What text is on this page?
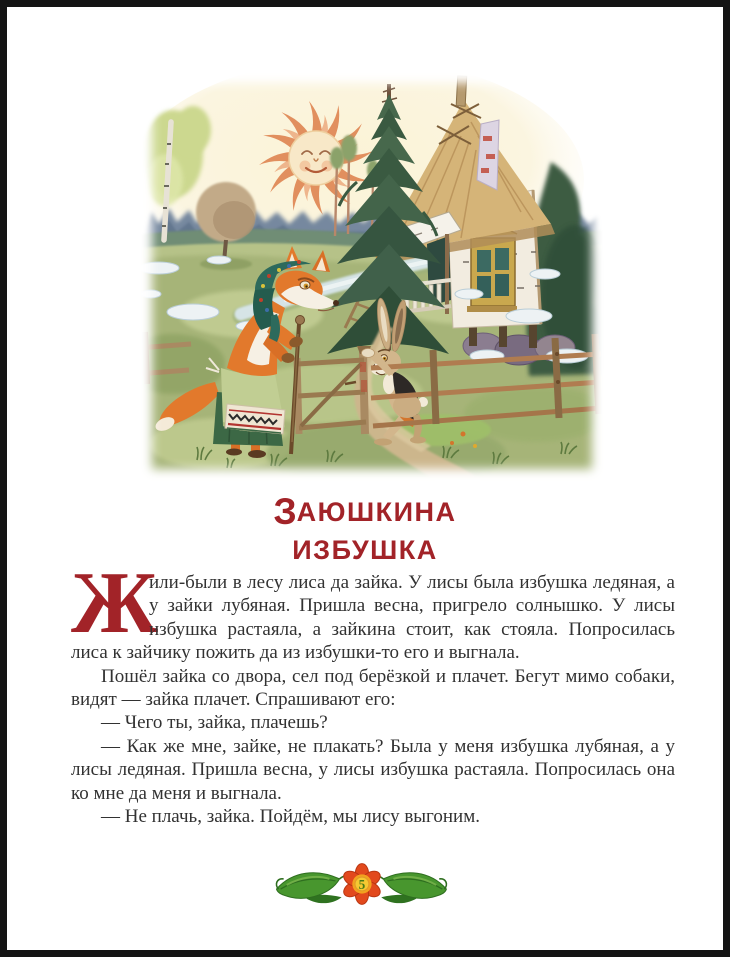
ЗАЮШКИНА
ИЗБУШКА

Ж
или-были в лесу лиса да зайка. У лисы была избушка ледяная, а у зайки лубяная. Пришла весна, пригрело солнышко. У лисы избушка растаяла, а зайкина стоит, как стояла. Попросилась лиса к зайчику пожить да из избушки-то его и выгнала.

Пошёл зайка со двора, сел под берёзкой и плачет. Бегут мимо собаки, видят — зайка плачет. Спрашивают его:

— Чего ты, зайка, плачешь?

— Как же мне, зайке, не плакать? Была у меня избушка лубяная, а у лисы ледяная. Пришла весна, у лисы избушка растаяла. Попросилась она ко мне да меня и выгнала.

— Не плачь, зайка. Пойдём, мы лису выгоним.

5
